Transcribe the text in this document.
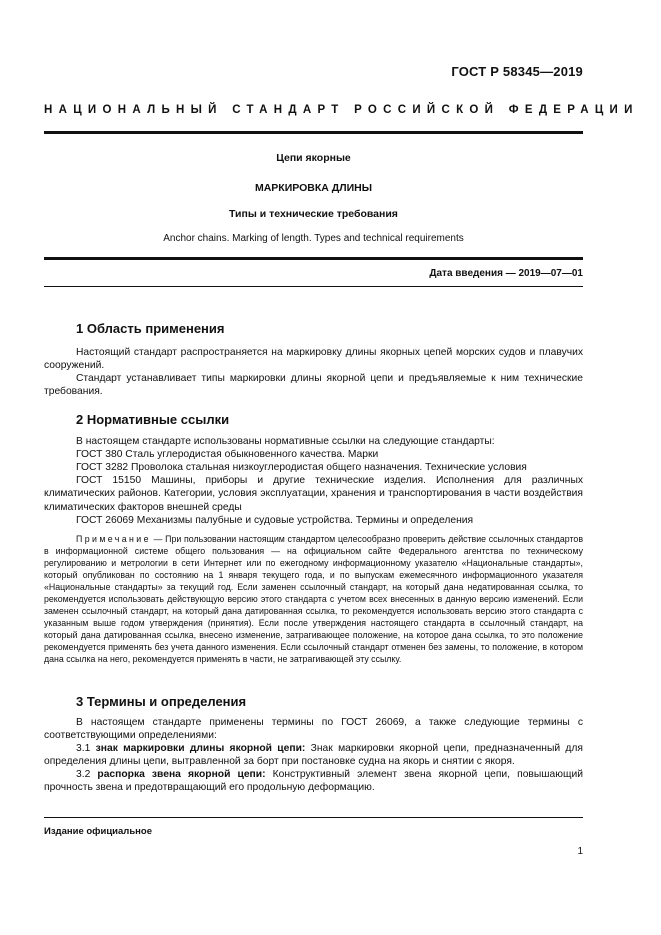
ГОСТ Р 58345—2019
НАЦИОНАЛЬНЫЙ СТАНДАРТ РОССИЙСКОЙ ФЕДЕРАЦИИ
Цепи якорные
МАРКИРОВКА ДЛИНЫ
Типы и технические требования
Anchor chains. Marking of length. Types and technical requirements
Дата введения — 2019—07—01
1 Область применения
Настоящий стандарт распространяется на маркировку длины якорных цепей морских судов и плавучих сооружений.
Стандарт устанавливает типы маркировки длины якорной цепи и предъявляемые к ним технические требования.
2 Нормативные ссылки
В настоящем стандарте использованы нормативные ссылки на следующие стандарты:
ГОСТ 380 Сталь углеродистая обыкновенного качества. Марки
ГОСТ 3282 Проволока стальная низкоуглеродистая общего назначения. Технические условия
ГОСТ 15150 Машины, приборы и другие технические изделия. Исполнения для различных климатических районов. Категории, условия эксплуатации, хранения и транспортирования в части воздействия климатических факторов внешней среды
ГОСТ 26069 Механизмы палубные и судовые устройства. Термины и определения
Примечание — При пользовании настоящим стандартом целесообразно проверить действие ссылочных стандартов в информационной системе общего пользования — на официальном сайте Федерального агентства по техническому регулированию и метрологии в сети Интернет или по ежегодному информационному указателю «Национальные стандарты», который опубликован по состоянию на 1 января текущего года, и по выпускам ежемесячного информационного указателя «Национальные стандарты» за текущий год. Если заменен ссылочный стандарт, на который дана недатированная ссылка, то рекомендуется использовать действующую версию этого стандарта с учетом всех внесенных в данную версию изменений. Если заменен ссылочный стандарт, на который дана датированная ссылка, то рекомендуется использовать версию этого стандарта с указанным выше годом утверждения (принятия). Если после утверждения настоящего стандарта в ссылочный стандарт, на который дана датированная ссылка, внесено изменение, затрагивающее положение, на которое дана ссылка, то это положение рекомендуется применять без учета данного изменения. Если ссылочный стандарт отменен без замены, то положение, в котором дана ссылка на него, рекомендуется применять в части, не затрагивающей эту ссылку.
3 Термины и определения
В настоящем стандарте применены термины по ГОСТ 26069, а также следующие термины с соответствующими определениями:
3.1 знак маркировки длины якорной цепи: Знак маркировки якорной цепи, предназначенный для определения длины цепи, вытравленной за борт при постановке судна на якорь и снятии с якоря.
3.2 распорка звена якорной цепи: Конструктивный элемент звена якорной цепи, повышающий прочность звена и предотвращающий его продольную деформацию.
Издание официальное
1
